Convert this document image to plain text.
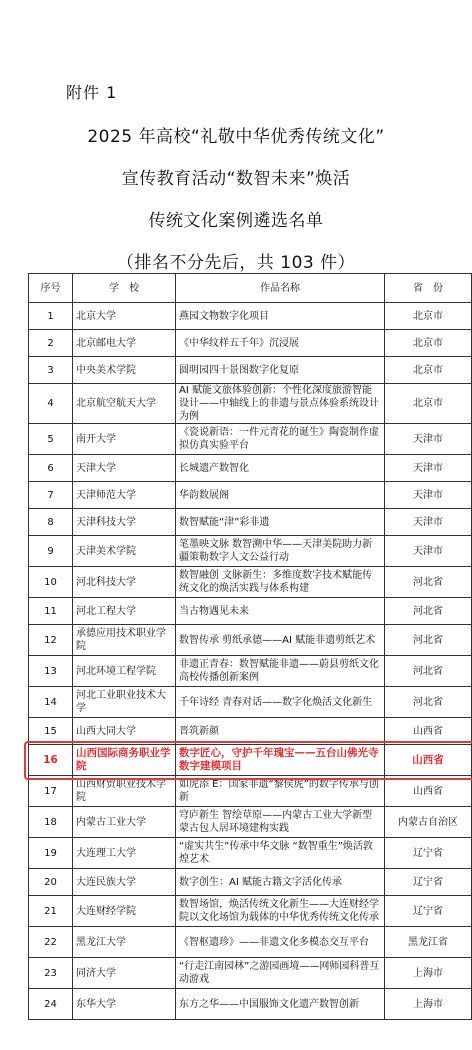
附件 1
2025 年高校“礼敬中华优秀传统文化”
宣传教育活动“数智未来”焕活
传统文化案例遴选名单
（排名不分先后，共 103 件）
序号	学　校	作品名称	省　份
1	北京大学	燕园文物数字化项目	北京市
2	北京邮电大学	《中华纹样五千年》沉浸展	北京市
3	中央美术学院	圆明园四十景图数字化复原	北京市
4	北京航空航天大学	AI 赋能文旅体验创新：个性化深度旅游智能设计——中轴线上的非遗与景点体验系统设计为例	北京市
5	南开大学	《瓷说新语：一件元青花的诞生》陶瓷制作虚拟仿真实验平台	天津市
6	天津大学	长城遗产数智化	天津市
7	天津师范大学	华韵数展阁	天津市
8	天津科技大学	数智赋能“津”彩非遗	天津市
9	天津美术学院	笔墨映文脉 数智溯中华——天津美院助力新疆策勒数字人文公益行动	天津市
10	河北科技大学	数智融创 文脉新生：多维度数字技术赋能传统文化的焕活实践与体系构建	河北省
11	河北工程大学	当古物遇见未来	河北省
12	承德应用技术职业学院	数智传承 剪纸承德——AI 赋能非遗剪纸艺术	河北省
13	河北环境工程学院	非遗正青春：数智赋能非遗——蔚县剪纸文化高校传播创新案例	河北省
14	河北工业职业技术大学	千年诗经 青春对话——数字化焕活文化新生	河北省
15	山西大同大学	晋筑新颜	山西省
16	山西国际商务职业学院	数字匠心，守护千年瑰宝——五台山佛光寺数字建模项目	山西省
17	山西财贸职业技术学院	如虎添 E：国家非遗“黎侯虎”的数字传承与创新	山西省
18	内蒙古工业大学	穹庐新生 智绘草原——内蒙古工业大学新型蒙古包人居环境建构实践	内蒙古自治区
19	大连理工大学	“虚实共生”传承中华文脉 “数智重生”焕活敦煌艺术	辽宁省
20	大连民族大学	数字创生：AI 赋能古籍文字活化传承	辽宁省
21	大连财经学院	数智场馆，焕活传统文化新生——大连财经学院以文化场馆为载体的中华优秀传统文化传承	辽宁省
22	黑龙江大学	《智枢遗珍》——非遗文化多模态交互平台	黑龙江省
23	同济大学	“行走江南园林”之游园画境——网师园科普互动游戏	上海市
24	东华大学	东方之华——中国服饰文化遗产数智创新	上海市
